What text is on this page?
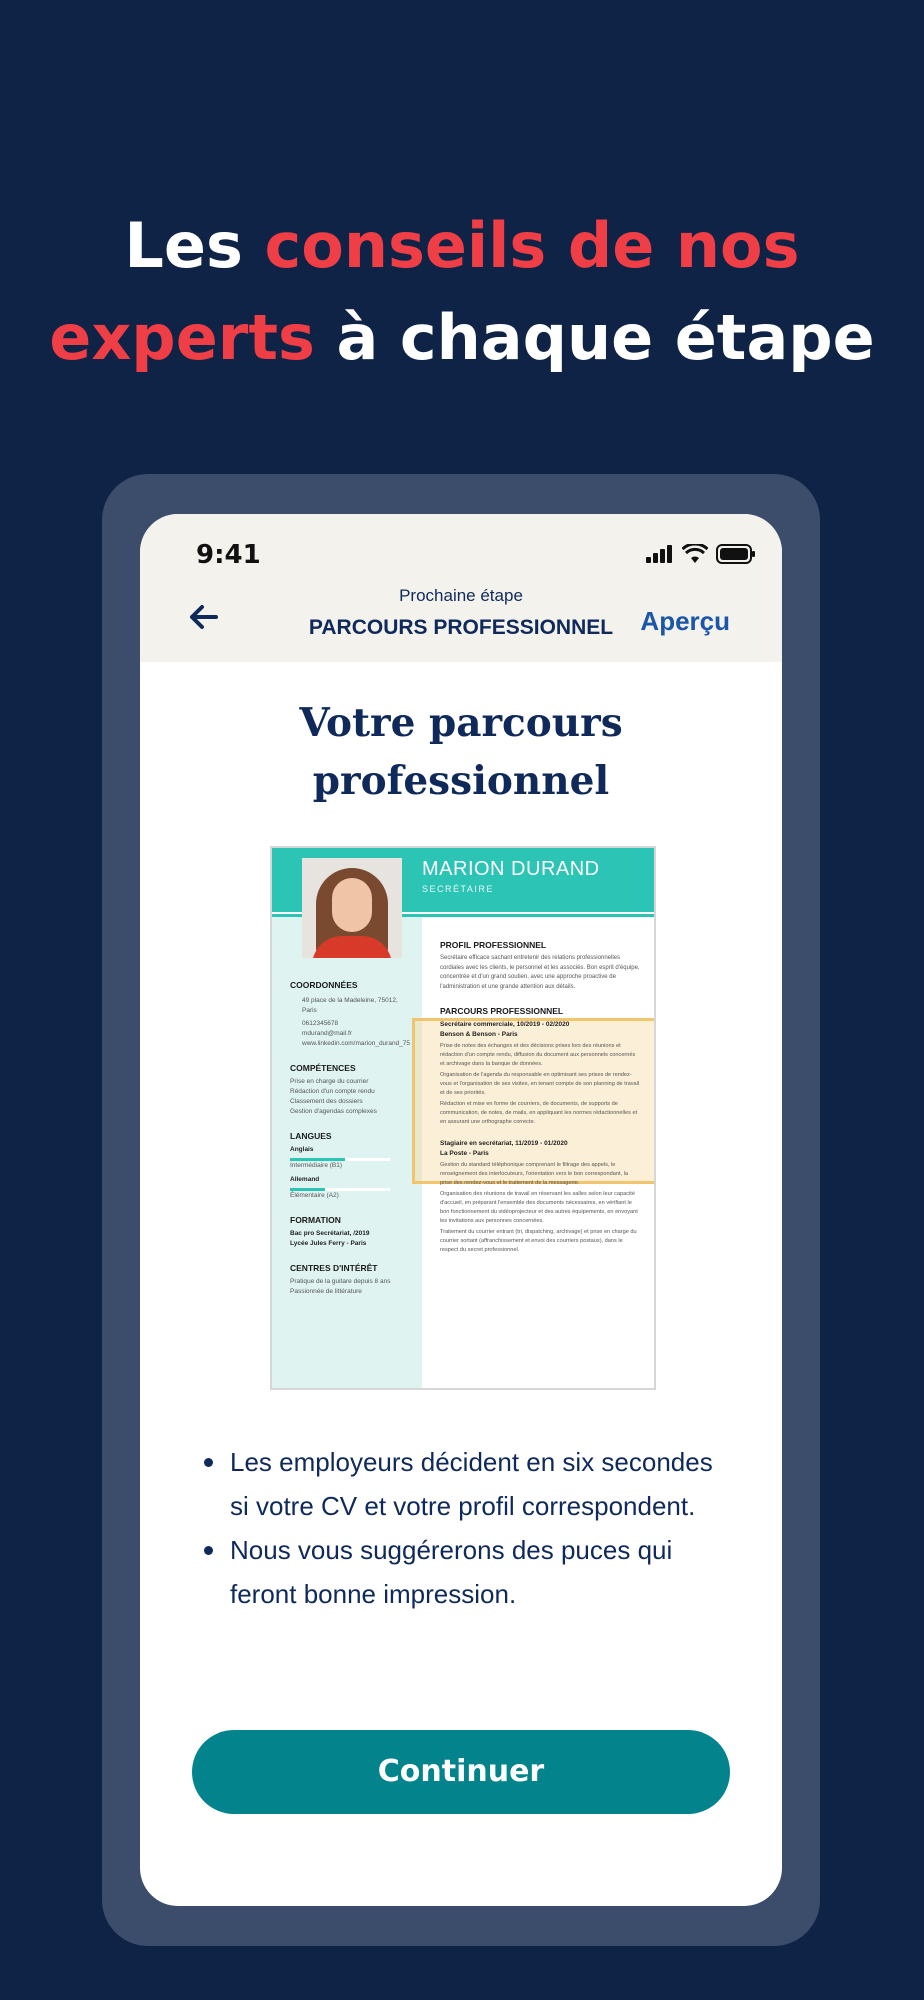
Les conseils de nos
experts à chaque étape
9:41
Prochaine étape
PARCOURS PROFESSIONNEL	Aperçu
Votre parcours
professionnel
MARION DURAND
SECRÉTAIRE
COORDONNÉES
49 place de la Madeleine, 75012, Paris
0612345678
mdurand@mail.fr
www.linkedin.com/marion_durand_75
COMPÉTENCES
Prise en charge du courrier
Rédaction d'un compte rendu
Classement des dossiers
Gestion d'agendas complexes
LANGUES
Anglais
Intermédiaire (B1)
Allemand
Élémentaire (A2)
FORMATION
Bac pro Secrétariat, /2019
Lycée Jules Ferry - Paris
CENTRES D'INTÉRÊT
Pratique de la guitare depuis 8 ans Passionnée de littérature
PROFIL PROFESSIONNEL
Secrétaire efficace sachant entretenir des relations professionnelles cordiales avec les clients, le personnel et les associés. Bon esprit d'équipe, concentrée et d'un grand soutien, avec une approche proactive de l'administration et une grande attention aux détails.
PARCOURS PROFESSIONNEL
Secrétaire commerciale, 10/2019 - 02/2020
Benson & Benson - Paris
Prise de notes des échanges et des décisions prises lors des réunions et rédaction d'un compte rendu, diffusion du document aux personnels concernés et archivage dans la banque de données.
Organisation de l'agenda du responsable en optimisant ses prises de rendez-vous et l'organisation de ses visites, en tenant compte de son planning de travail et de ses priorités.
Rédaction et mise en forme de courriers, de documents, de supports de communication, de notes, de mails, en appliquant les normes rédactionnelles et en assurant une orthographe correcte.
Stagiaire en secrétariat, 11/2019 - 01/2020
La Poste - Paris
Gestion du standard téléphonique comprenant le filtrage des appels, le renseignement des interlocuteurs, l'orientation vers le bon correspondant, la prise des rendez-vous et le traitement de la messagerie.
Organisation des réunions de travail en réservant les salles selon leur capacité d'accueil, en préparant l'ensemble des documents nécessaires, en vérifiant le bon fonctionnement du vidéoprojecteur et des autres équipements, en envoyant les invitations aux personnes concernées.
Traitement du courrier entrant (tri, dispatching, archivage) et prise en charge du courrier sortant (affranchissement et envoi des courriers postaux), dans le respect du secret professionnel.
Les employeurs décident en six secondes si votre CV et votre profil correspondent.
Nous vous suggérerons des puces qui feront bonne impression.
Continuer
